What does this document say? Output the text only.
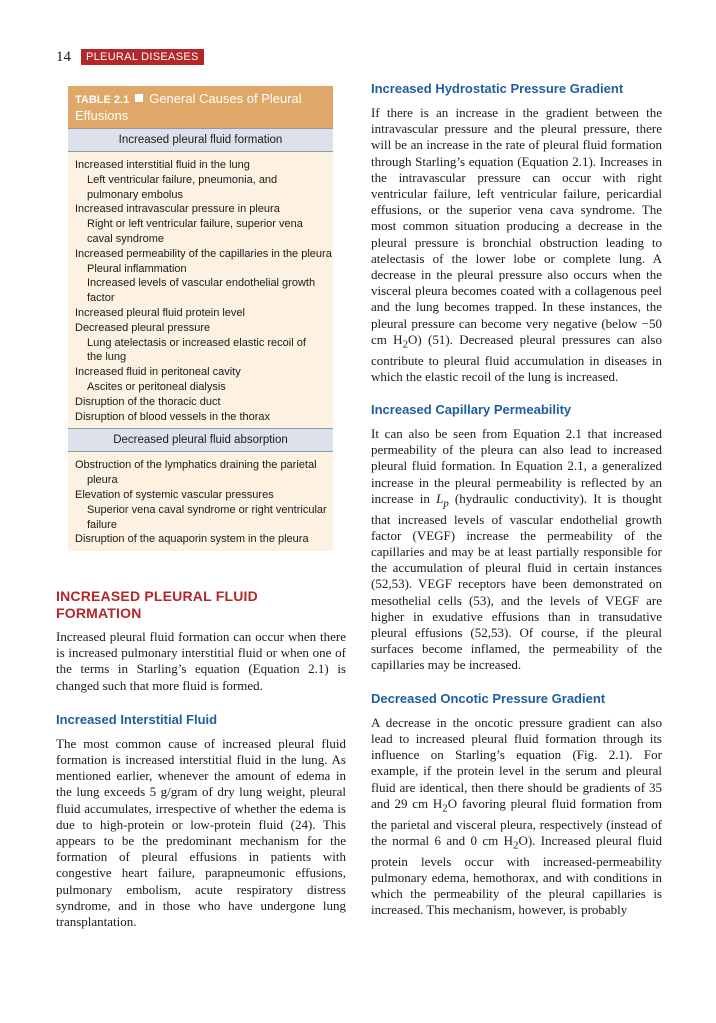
14	PLEURAL DISEASES
TABLE 2.1 General Causes of Pleural Effusions
Increased pleural fluid formation
Increased interstitial fluid in the lung
Left ventricular failure, pneumonia, and
pulmonary embolus
Increased intravascular pressure in pleura
Right or left ventricular failure, superior vena
caval syndrome
Increased permeability of the capillaries in the pleura
Pleural inflammation
Increased levels of vascular endothelial growth
factor
Increased pleural fluid protein level
Decreased pleural pressure
Lung atelectasis or increased elastic recoil of
the lung
Increased fluid in peritoneal cavity
Ascites or peritoneal dialysis
Disruption of the thoracic duct
Disruption of blood vessels in the thorax
Decreased pleural fluid absorption
Obstruction of the lymphatics draining the parietal
pleura
Elevation of systemic vascular pressures
Superior vena caval syndrome or right ventricular
failure
Disruption of the aquaporin system in the pleura
INCREASED PLEURAL FLUID FORMATION

Increased pleural fluid formation can occur when there is increased pulmonary interstitial fluid or when one of the terms in Starling’s equation (Equation 2.1) is changed such that more fluid is formed.

Increased Interstitial Fluid

The most common cause of increased pleural fluid formation is increased interstitial fluid in the lung. As mentioned earlier, whenever the amount of edema in the lung exceeds 5 g/gram of dry lung weight, pleural fluid accumulates, irrespective of whether the edema is due to high-protein or low-protein fluid (24). This appears to be the predominant mechanism for the formation of pleural effusions in patients with congestive heart failure, parapneumonic effusions, pulmonary embolism, acute respiratory distress syndrome, and in those who have undergone lung transplantation.

Increased Hydrostatic Pressure Gradient

If there is an increase in the gradient between the intravascular pressure and the pleural pressure, there will be an increase in the rate of pleural fluid formation through Starling’s equation (Equation 2.1). Increases in the intravascular pressure can occur with right ventricular failure, left ventricular failure, pericardial effusions, or the superior vena cava syndrome. The most common situation producing a decrease in the pleural pressure is bronchial obstruction leading to atelectasis of the lower lobe or complete lung. A decrease in the pleural pressure also occurs when the visceral pleura becomes coated with a collagenous peel and the lung becomes trapped. In these instances, the pleural pressure can become very negative (below −50 cm $H_2O$) (51). Decreased pleural pressures can also contribute to pleural fluid accumulation in diseases in which the elastic recoil of the lung is increased.

Increased Capillary Permeability

It can also be seen from Equation 2.1 that increased permeability of the pleura can also lead to increased pleural fluid formation. In Equation 2.1, a generalized increase in the pleural permeability is reflected by an increase in $L_p$ (hydraulic conductivity). It is thought that increased levels of vascular endothelial growth factor (VEGF) increase the permeability of the capillaries and may be at least partially responsible for the accumulation of pleural fluid in certain instances (52,53). VEGF receptors have been demonstrated on mesothelial cells (53), and the levels of VEGF are higher in exudative effusions than in transudative pleural effusions (52,53). Of course, if the pleural surfaces become inflamed, the permeability of the capillaries may be increased.

Decreased Oncotic Pressure Gradient

A decrease in the oncotic pressure gradient can also lead to increased pleural fluid formation through its influence on Starling’s equation (Fig. 2.1). For example, if the protein level in the serum and pleural fluid are identical, then there should be gradients of 35 and 29 cm $H_2O$ favoring pleural fluid formation from the parietal and visceral pleura, respectively (instead of the normal 6 and 0 cm $H_2O$). Increased pleural fluid protein levels occur with increased-permeability pulmonary edema, hemothorax, and with conditions in which the permeability of the pleural capillaries is increased. This mechanism, however, is probably
